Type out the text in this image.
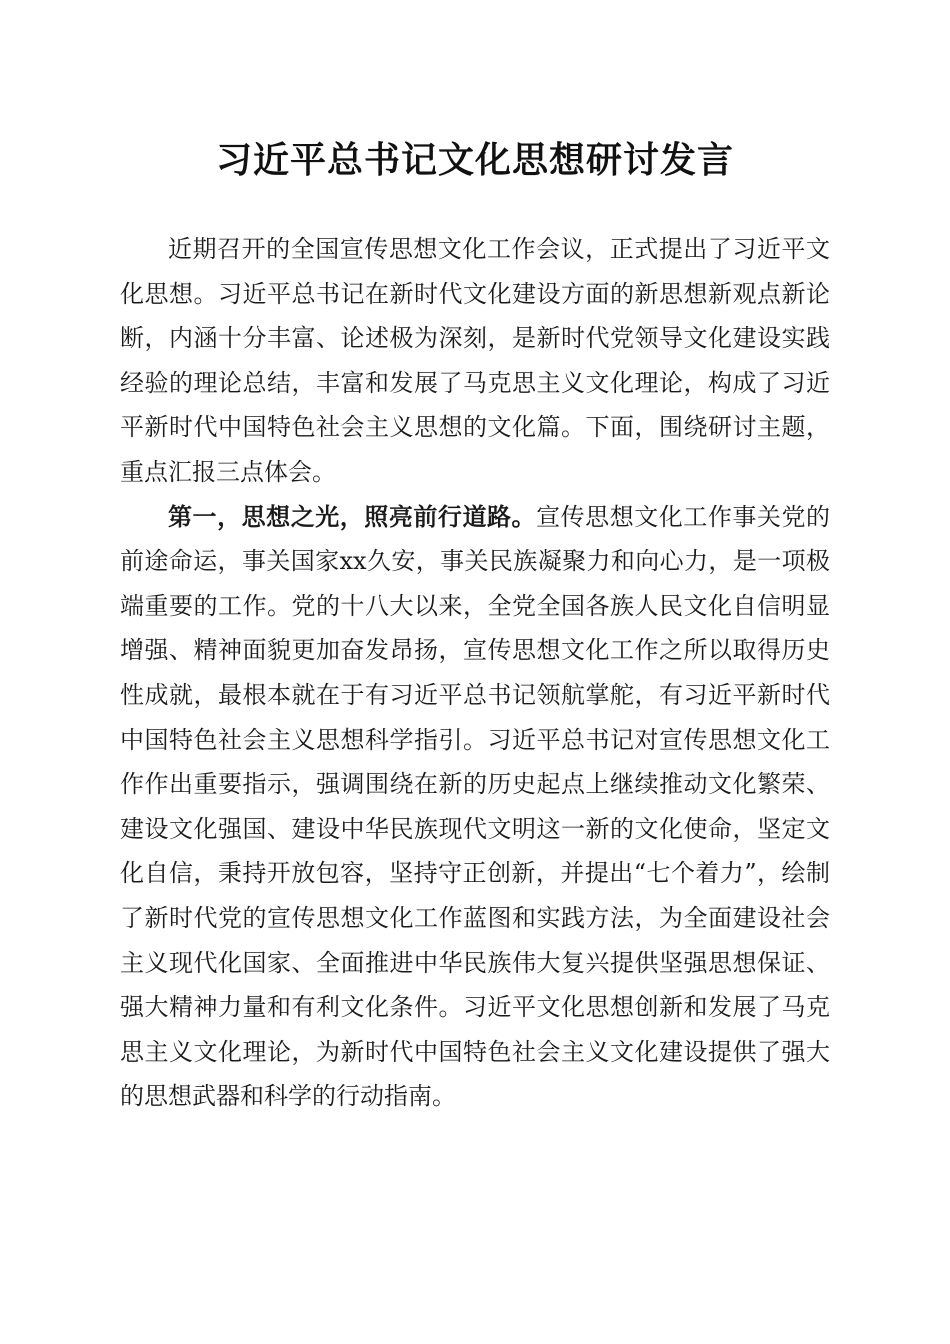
习近平总书记文化思想研讨发言

近期召开的全国宣传思想文化工作会议，正式提出了习近平文化思想。习近平总书记在新时代文化建设方面的新思想新观点新论断，内涵十分丰富、论述极为深刻，是新时代党领导文化建设实践经验的理论总结，丰富和发展了马克思主义文化理论，构成了习近平新时代中国特色社会主义思想的文化篇。下面，围绕研讨主题，重点汇报三点体会。

第一，思想之光，照亮前行道路。宣传思想文化工作事关党的前途命运，事关国家xx久安，事关民族凝聚力和向心力，是一项极端重要的工作。党的十八大以来，全党全国各族人民文化自信明显增强、精神面貌更加奋发昂扬，宣传思想文化工作之所以取得历史性成就，最根本就在于有习近平总书记领航掌舵，有习近平新时代中国特色社会主义思想科学指引。习近平总书记对宣传思想文化工作作出重要指示，强调围绕在新的历史起点上继续推动文化繁荣、建设文化强国、建设中华民族现代文明这一新的文化使命，坚定文化自信，秉持开放包容，坚持守正创新，并提出“七个着力”，绘制了新时代党的宣传思想文化工作蓝图和实践方法，为全面建设社会主义现代化国家、全面推进中华民族伟大复兴提供坚强思想保证、强大精神力量和有利文化条件。习近平文化思想创新和发展了马克思主义文化理论，为新时代中国特色社会主义文化建设提供了强大的思想武器和科学的行动指南。
